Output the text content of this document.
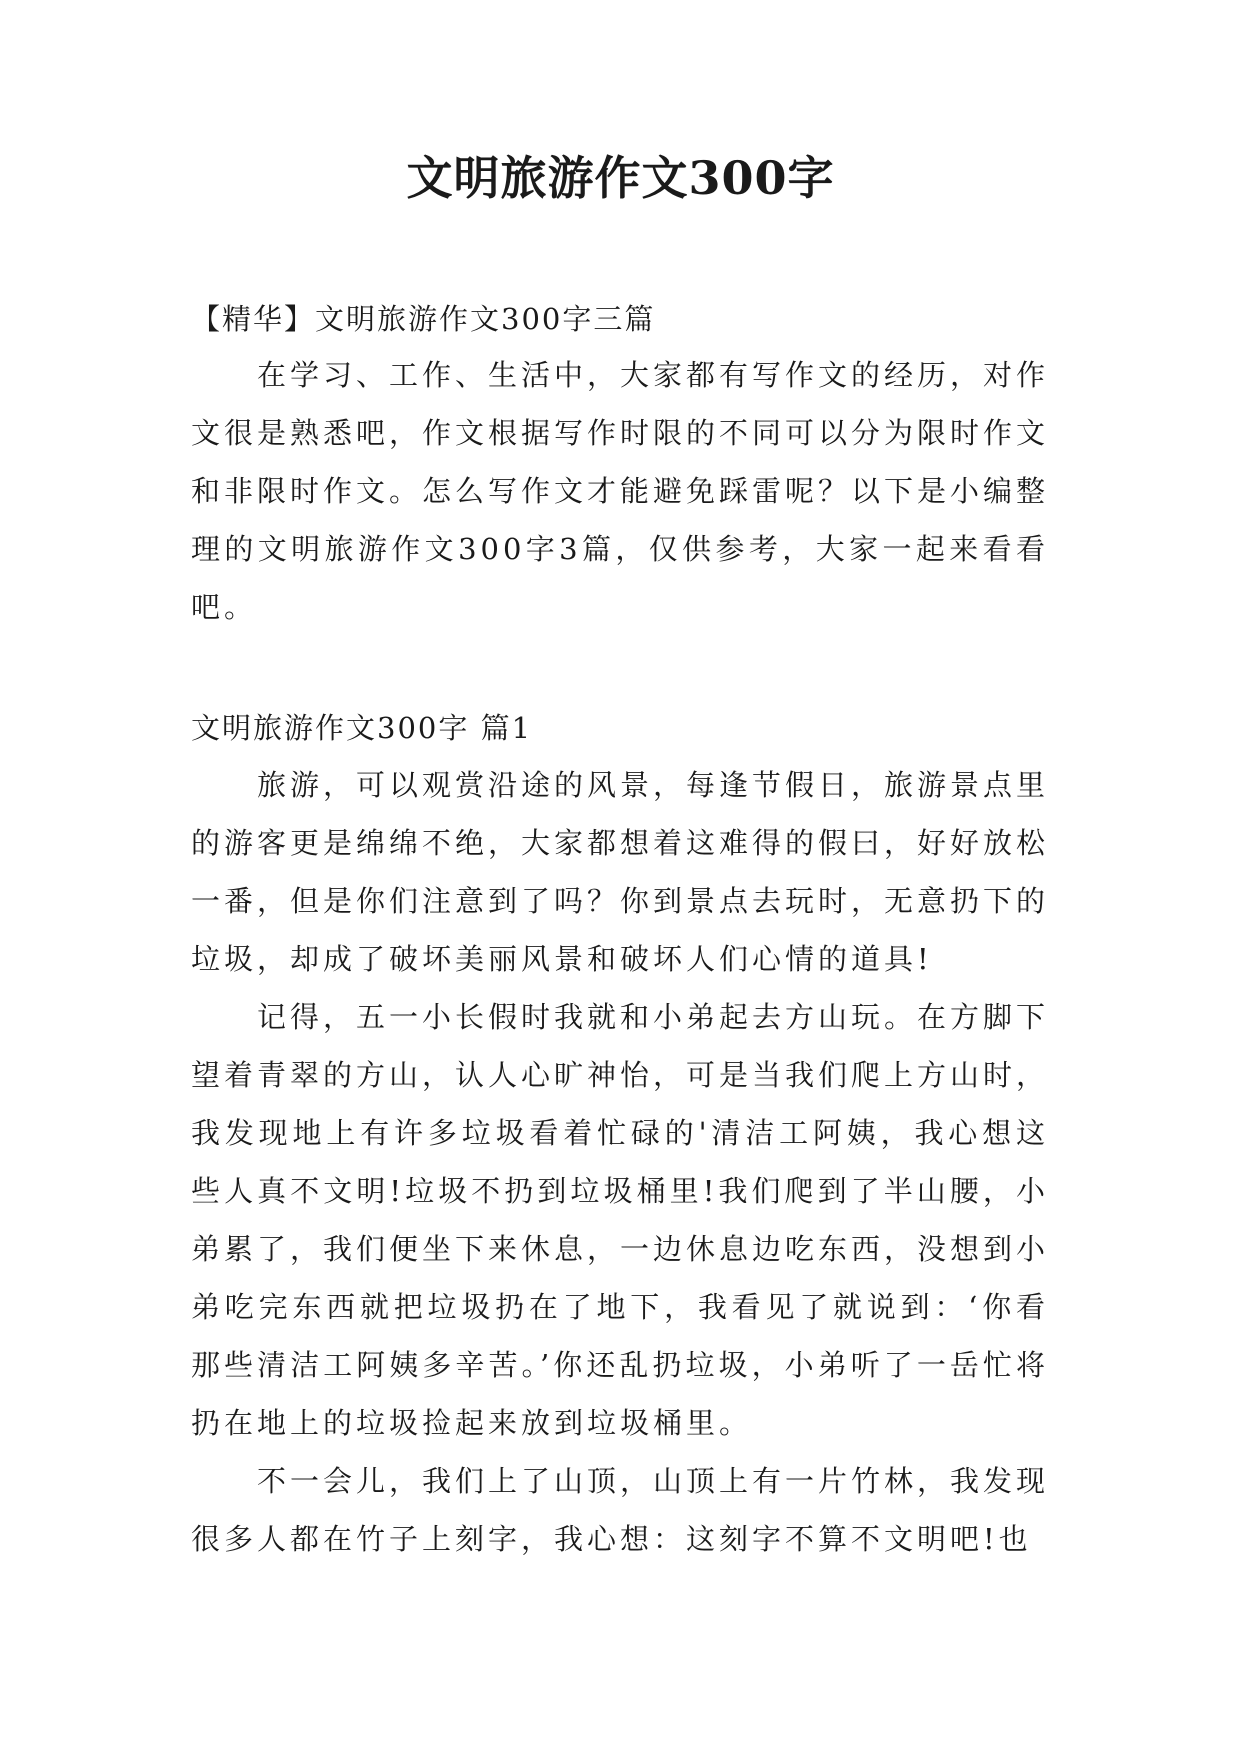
文明旅游作文300字
【精华】文明旅游作文300字三篇

在学习、工作、生活中，大家都有写作文的经历，对作文很是熟悉吧，作文根据写作时限的不同可以分为限时作文和非限时作文。怎么写作文才能避免踩雷呢？以下是小编整理的文明旅游作文300字3篇，仅供参考，大家一起来看看吧。

文明旅游作文300字 篇1

旅游，可以观赏沿途的风景，每逢节假日，旅游景点里的游客更是绵绵不绝，大家都想着这难得的假曰，好好放松一番，但是你们注意到了吗？你到景点去玩时，无意扔下的垃圾，却成了破坏美丽风景和破坏人们心情的道具!

记得，五一小长假时我就和小弟起去方山玩。在方脚下望着青翠的方山，认人心旷神怡，可是当我们爬上方山时，我发现地上有许多垃圾看着忙碌的'清洁工阿姨，我心想这些人真不文明!垃圾不扔到垃圾桶里!我们爬到了半山腰，小弟累了，我们便坐下来休息，一边休息边吃东西，没想到小弟吃完东西就把垃圾扔在了地下，我看见了就说到：‘你看那些清洁工阿姨多辛苦。’你还乱扔垃圾，小弟听了一岳忙将扔在地上的垃圾捡起来放到垃圾桶里。

不一会儿，我们上了山顶，山顶上有一片竹林，我发现很多人都在竹子上刻字，我心想：这刻字不算不文明吧!也
